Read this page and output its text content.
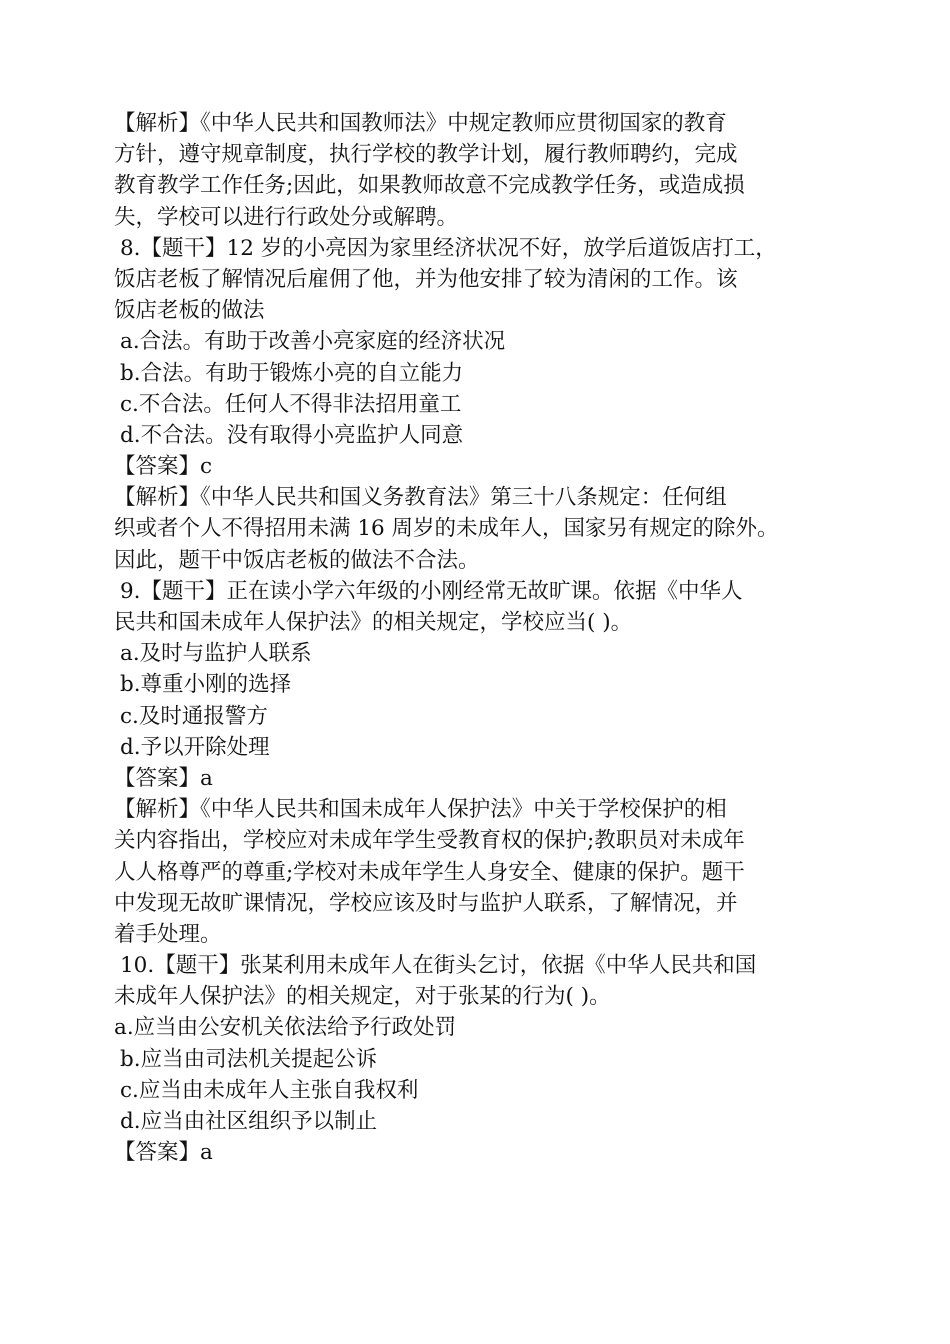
【解析】《中华人民共和国教师法》中规定教师应贯彻国家的教育
方针，遵守规章制度，执行学校的教学计划，履行教师聘约，完成
教育教学工作任务;因此，如果教师故意不完成教学任务，或造成损
失，学校可以进行行政处分或解聘。
8.【题干】12 岁的小亮因为家里经济状况不好，放学后道饭店打工，
饭店老板了解情况后雇佣了他，并为他安排了较为清闲的工作。该
饭店老板的做法
a.合法。有助于改善小亮家庭的经济状况
b.合法。有助于锻炼小亮的自立能力
c.不合法。任何人不得非法招用童工
d.不合法。没有取得小亮监护人同意
【答案】c
【解析】《中华人民共和国义务教育法》第三十八条规定：任何组
织或者个人不得招用未满 16 周岁的未成年人，国家另有规定的除外。
因此，题干中饭店老板的做法不合法。
9.【题干】正在读小学六年级的小刚经常无故旷课。依据《中华人
民共和国未成年人保护法》的相关规定，学校应当( )。
a.及时与监护人联系
b.尊重小刚的选择
c.及时通报警方
d.予以开除处理
【答案】a
【解析】《中华人民共和国未成年人保护法》中关于学校保护的相
关内容指出，学校应对未成年学生受教育权的保护;教职员对未成年
人人格尊严的尊重;学校对未成年学生人身安全、健康的保护。题干
中发现无故旷课情况，学校应该及时与监护人联系，了解情况，并
着手处理。
10.【题干】张某利用未成年人在街头乞讨，依据《中华人民共和国
未成年人保护法》的相关规定，对于张某的行为( )。
a.应当由公安机关依法给予行政处罚
b.应当由司法机关提起公诉
c.应当由未成年人主张自我权利
d.应当由社区组织予以制止
【答案】a
